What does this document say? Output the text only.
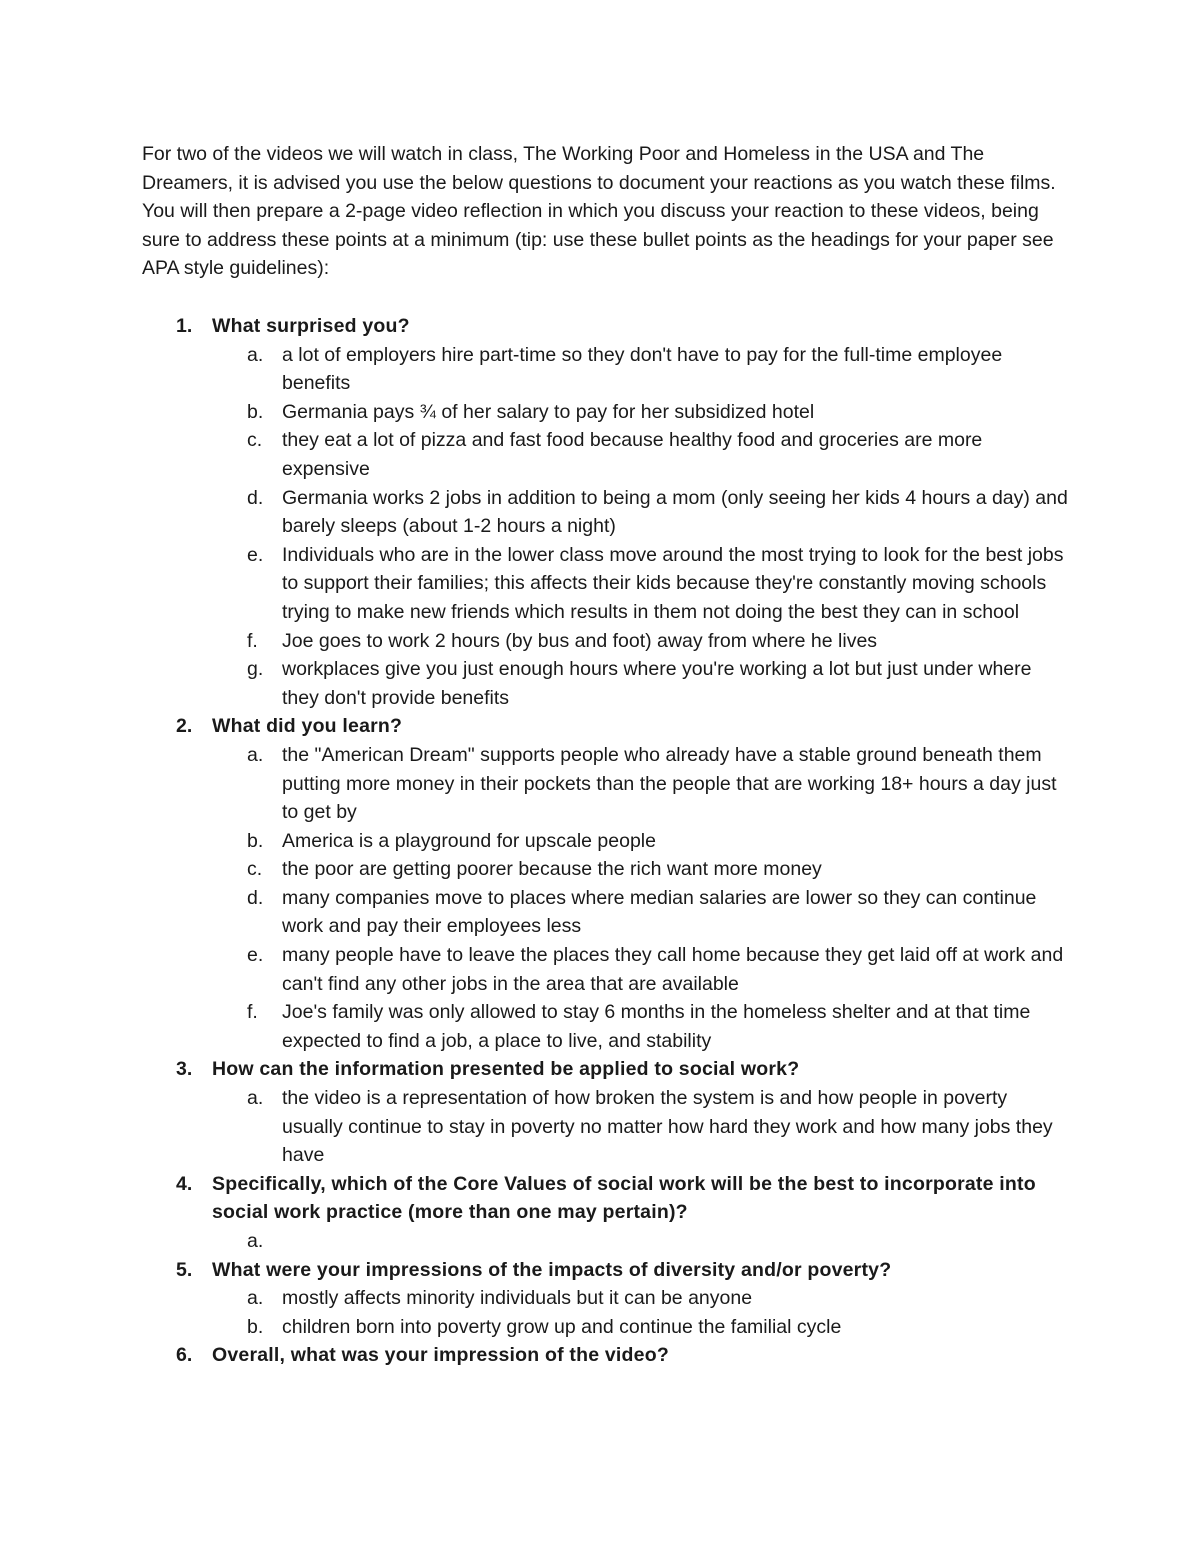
For two of the videos we will watch in class, The Working Poor and Homeless in the USA and The Dreamers, it is advised you use the below questions to document your reactions as you watch these films. You will then prepare a 2-page video reflection in which you discuss your reaction to these videos, being sure to address these points at a minimum (tip: use these bullet points as the headings for your paper see APA style guidelines):

1. What surprised you?
a. a lot of employers hire part-time so they don't have to pay for the full-time employee benefits
b. Germania pays ¾ of her salary to pay for her subsidized hotel
c.	they eat a lot of pizza and fast food because healthy food and groceries are more expensive
d. Germania works 2 jobs in addition to being a mom (only seeing her kids 4 hours a day) and barely sleeps (about 1-2 hours a night)
e. Individuals who are in the lower class move around the most trying to look for the best jobs to support their families; this affects their kids because they're constantly moving schools trying to make new friends which results in them not doing the best they can in school
f.	Joe goes to work 2 hours (by bus and foot) away from where he lives
g. workplaces give you just enough hours where you're working a lot but just under where they don't provide benefits
2. What did you learn?
a. the "American Dream" supports people who already have a stable ground beneath them putting more money in their pockets than the people that are working 18+ hours a day just to get by
b. America is a playground for upscale people
c.	the poor are getting poorer because the rich want more money
d. many companies move to places where median salaries are lower so they can continue work and pay their employees less
e. many people have to leave the places they call home because they get laid off at work and can't find any other jobs in the area that are available
f.	Joe's family was only allowed to stay 6 months in the homeless shelter and at that time expected to find a job, a place to live, and stability
3. How can the information presented be applied to social work?
a. the video is a representation of how broken the system is and how people in poverty usually continue to stay in poverty no matter how hard they work and how many jobs they have
4. Specifically, which of the Core Values of social work will be the best to incorporate into social work practice (more than one may pertain)?
a.
5. What were your impressions of the impacts of diversity and/or poverty?
a. mostly affects minority individuals but it can be anyone
b. children born into poverty grow up and continue the familial cycle
6. Overall, what was your impression of the video?
